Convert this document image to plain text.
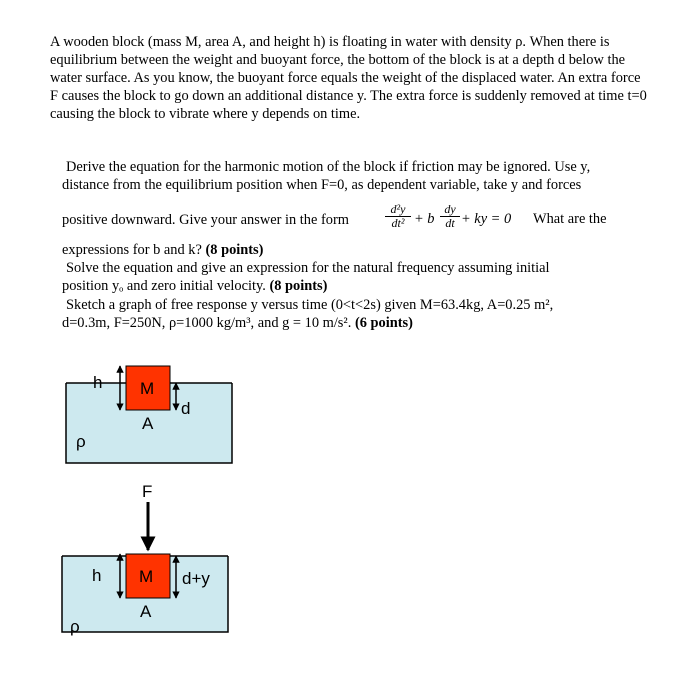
A wooden block (mass M, area A, and height h) is floating in water with density ρ. When there is equilibrium between the weight and buoyant force, the bottom of the block is at a depth d below the water surface. As you know, the buoyant force equals the weight of the displaced water. An extra force F causes the block to go down an additional distance y. The extra force is suddenly removed at time t=0 causing the block to vibrate where y depends on time.

Derive the equation for the harmonic motion of the block if friction may be ignored. Use y,
distance from the equilibrium position when F=0, as dependent variable, take y and forces
positive downward. Give your answer in the form	$\frac{\text{d²y}}{\text{dt²}} + b \frac{dy}{dt}$ + ky = 0 What are the
expressions for b and k? (8 points)
Solve the equation and give an expression for the natural frequency assuming initial
position yₒ and zero initial velocity. (8 points)
Sketch a graph of free response y versus time (0<t<2s) given M=63.4kg, A=0.25 m²,
d=0.3m, F=250N, ρ=1000 kg/m³, and g = 10 m/s². (6 points)
h M
d
A
ρ
F
h M d+y
A
ρ
